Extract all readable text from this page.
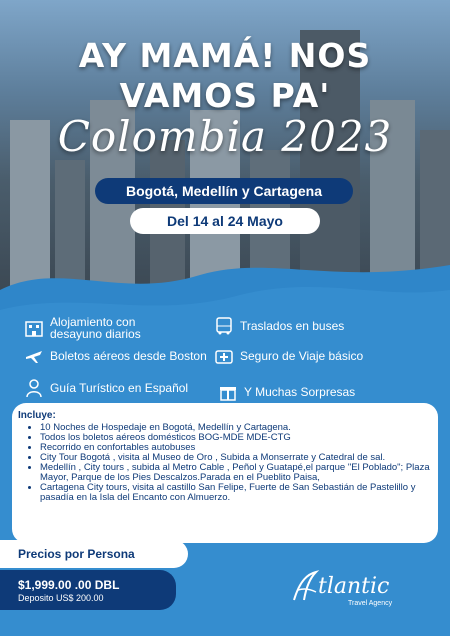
AY MAMÁ! NOS
VAMOS PA'
Colombia 2023
Bogotá, Medellín y Cartagena
Del 14 al 24 Mayo
Alojamiento con desayuno diarios
Traslados en buses
Boletos aéreos desde Boston	Seguro de Viaje básico
Guía Turístico en Español	Y Muchas Sorpresas
Incluye:
• 10 Noches de Hospedaje en Bogotá, Medellín y Cartagena.
• Todos los boletos aéreos domésticos BOG-MDE MDE-CTG
• Recorrido en confortables autobuses
• City Tour Bogotá , visita al Museo de Oro , Subida a Monserrate y Catedral de sal.
• Medellín , City tours , subida al Metro Cable , Peñol y Guatapé,el parque "El Poblado"; Plaza Mayor, Parque de los Pies Descalzos.Parada en el Pueblito Paisa,
• Cartagena City tours, visita al castillo San Felipe, Fuerte de San Sebastián de Pastelillo y pasadía en la Isla del Encanto con Almuerzo.
Precios por Persona
$1,999.00 .00 DBL
Deposito US$ 200.00	tlantic
Travel Agency
